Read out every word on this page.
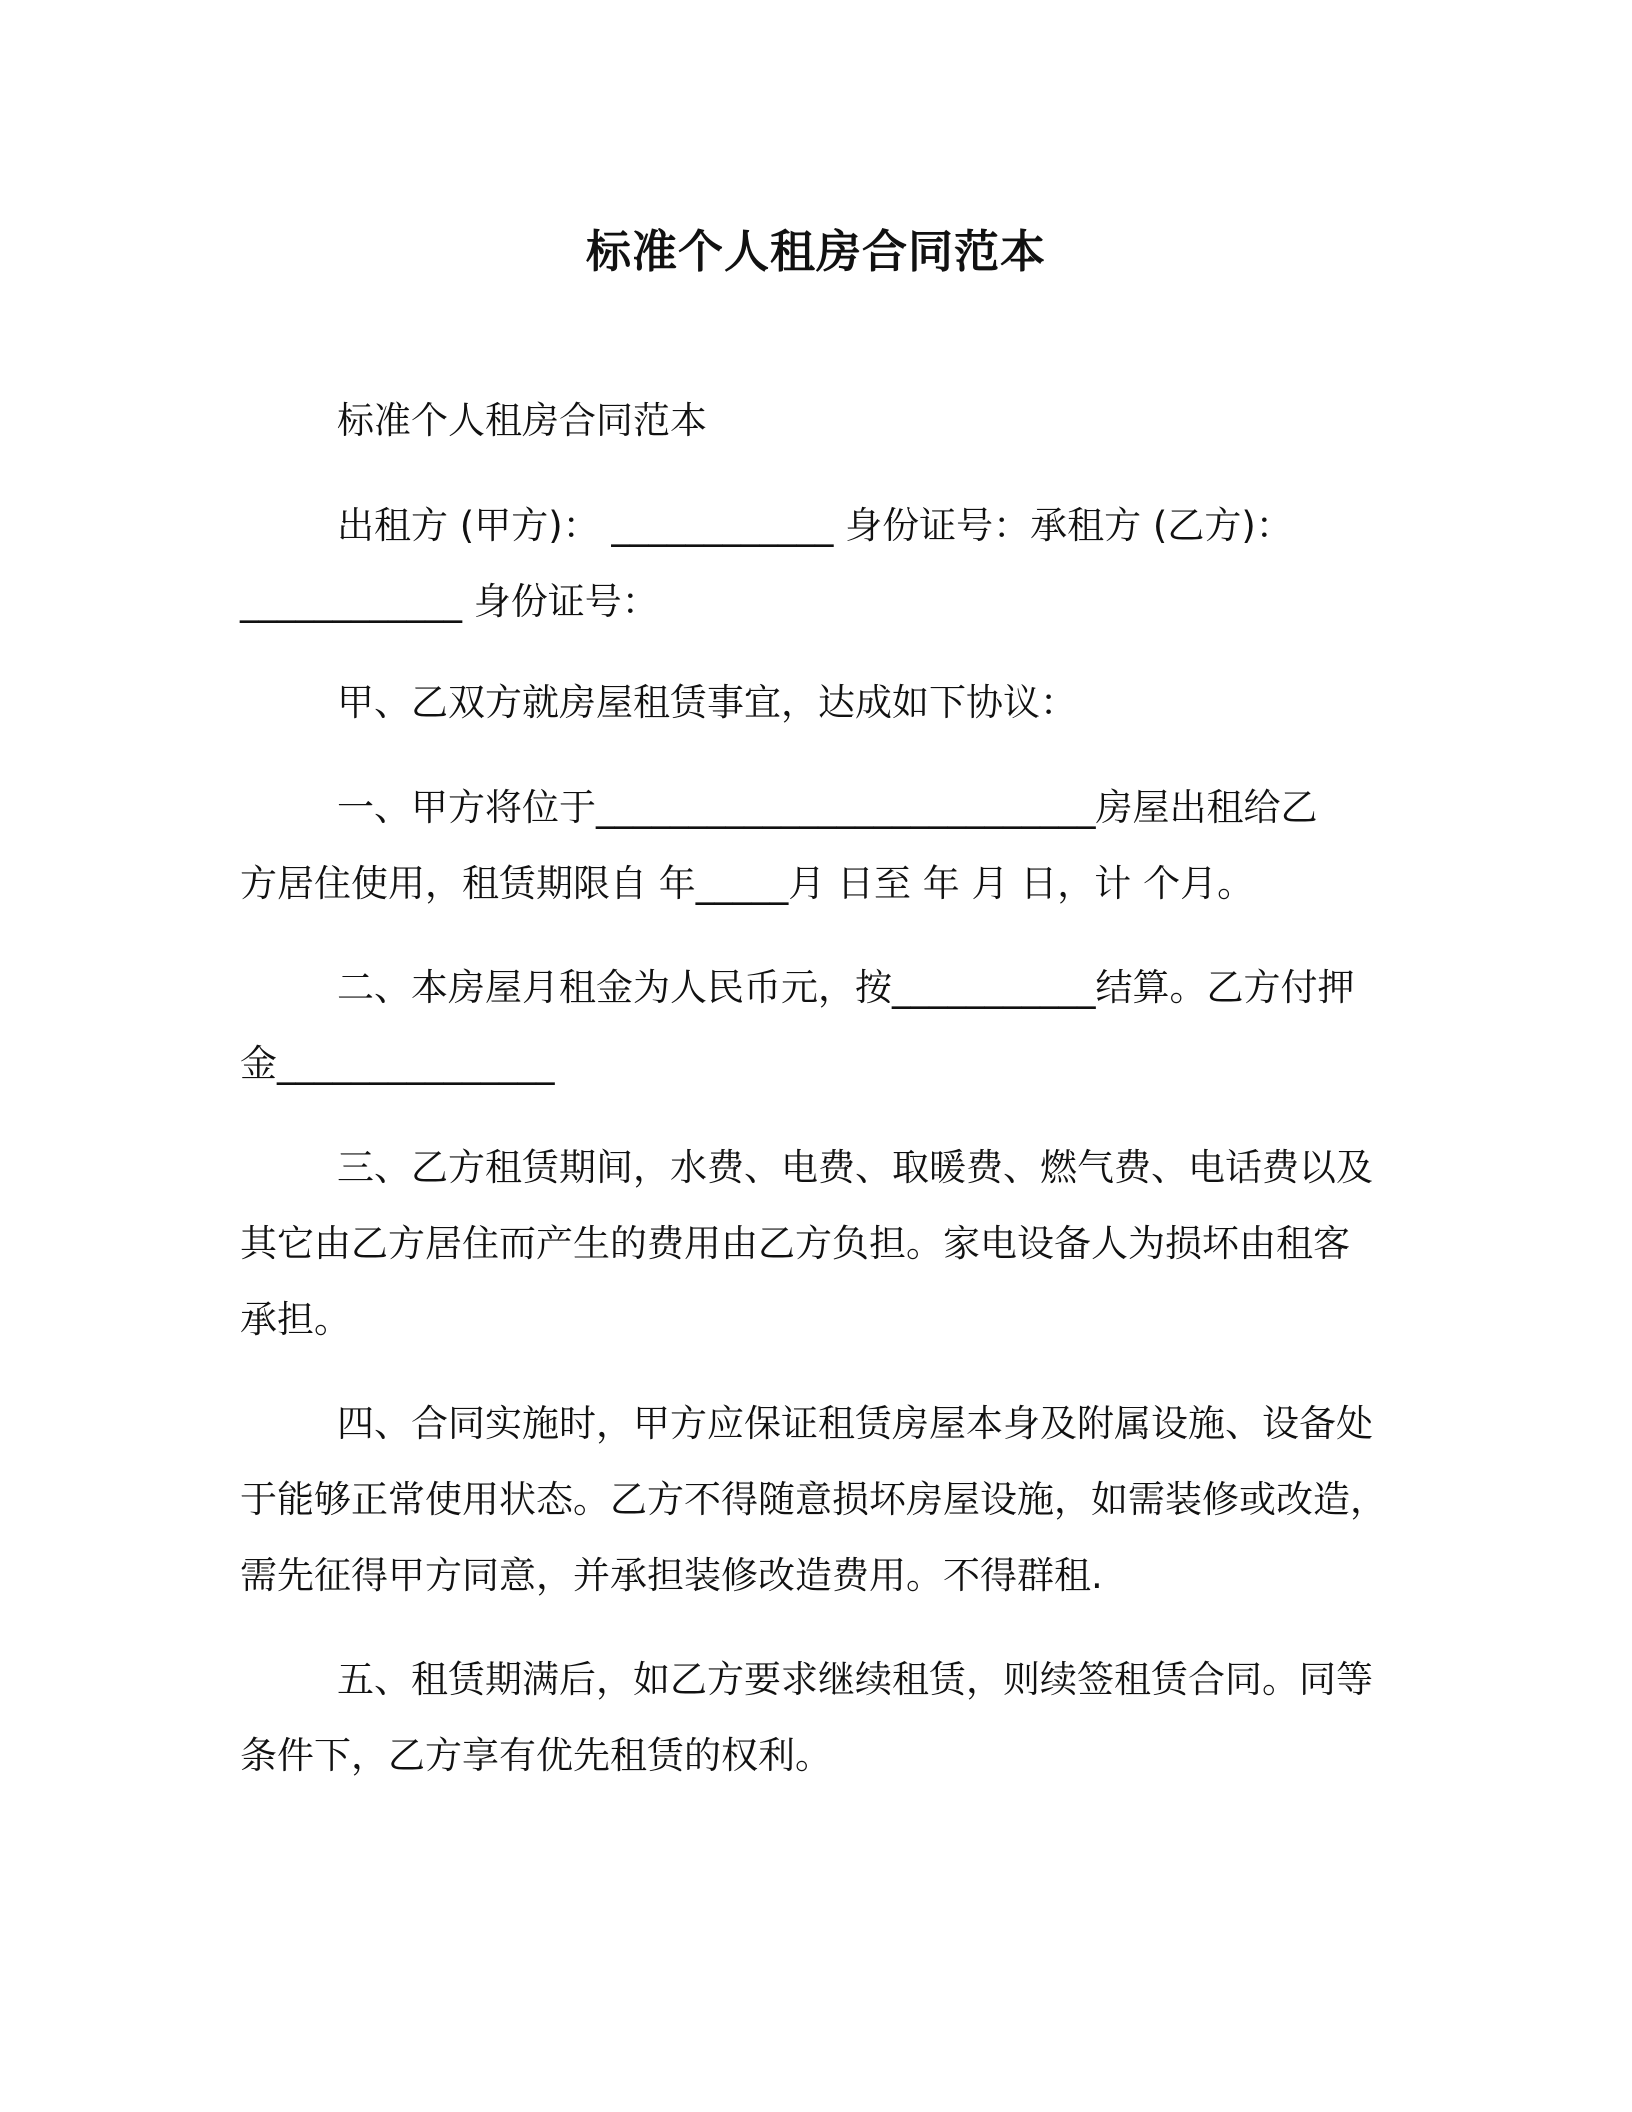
标准个人租房合同范本

标准个人租房合同范本

出租方 (甲方)： ____________ 身份证号：承租方 (乙方)：

____________ 身份证号：

甲、乙双方就房屋租赁事宜，达成如下协议：

一、甲方将位于___________________________房屋出租给乙

方居住使用，租赁期限自 年_____月 日至 年 月 日，计 个月。

二、本房屋月租金为人民币元，按___________结算。乙方付押

金_______________

三、乙方租赁期间，水费、电费、取暖费、燃气费、电话费以及

其它由乙方居住而产生的费用由乙方负担。家电设备人为损坏由租客

承担。

四、合同实施时，甲方应保证租赁房屋本身及附属设施、设备处

于能够正常使用状态。乙方不得随意损坏房屋设施，如需装修或改造，

需先征得甲方同意，并承担装修改造费用。不得群租.

五、租赁期满后，如乙方要求继续租赁，则续签租赁合同。同等

条件下，乙方享有优先租赁的权利。
